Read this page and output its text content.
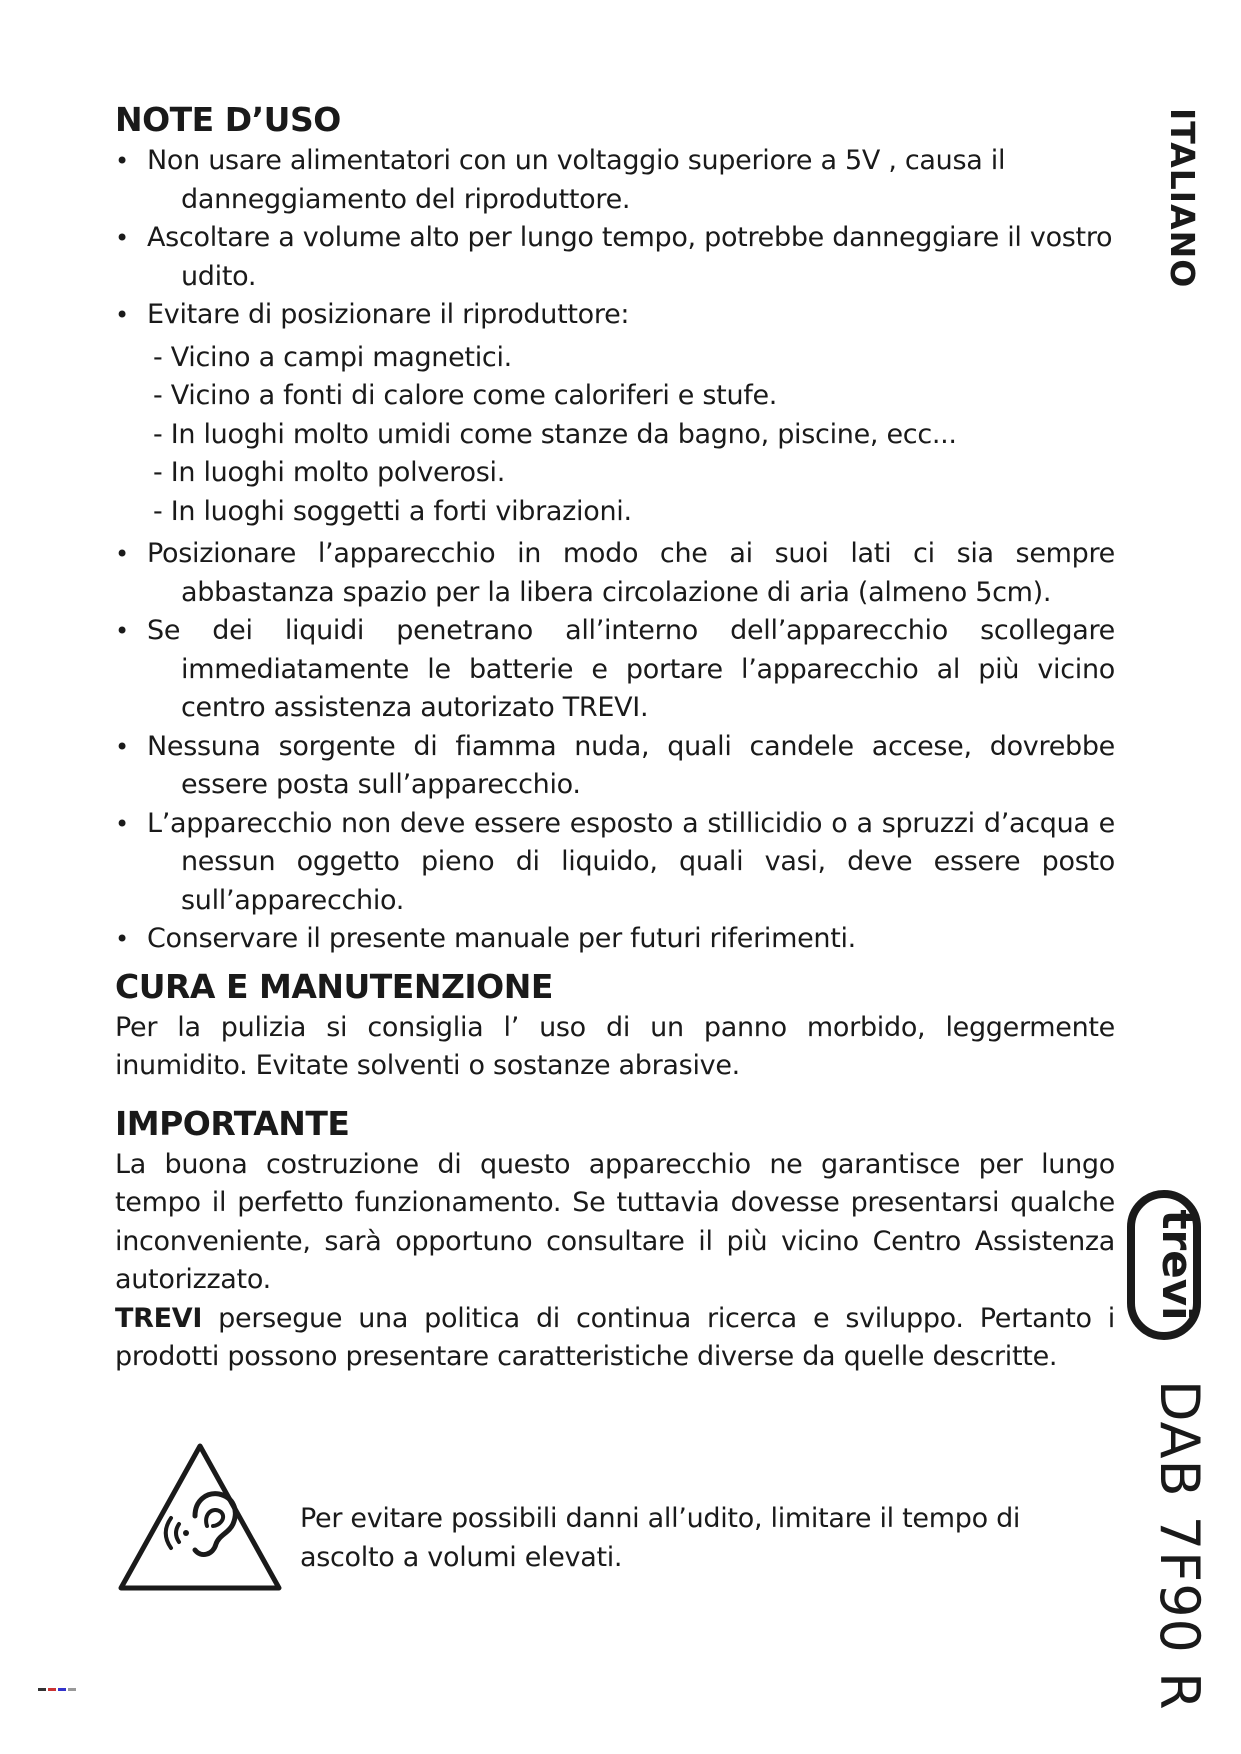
ITALIANO
trevi
DAB 7F90 R
NOTE D’USO
• Non usare alimentatori con un voltaggio superiore a 5V , causa il danneggiamento del riproduttore.
• Ascoltare a volume alto per lungo tempo, potrebbe danneggiare il vostro udito.
• Evitare di posizionare il riproduttore:
- Vicino a campi magnetici.
- Vicino a fonti di calore come caloriferi e stufe.
- In luoghi molto umidi come stanze da bagno, piscine, ecc...
- In luoghi molto polverosi.
- In luoghi soggetti a forti vibrazioni.
• Posizionare l’apparecchio in modo che ai suoi lati ci sia sempre abbastanza spazio per la libera circolazione di aria (almeno 5cm).
• Se dei liquidi penetrano all’interno dell’apparecchio scollegare immediatamente le batterie e portare l’apparecchio al più vicino centro assistenza autorizato TREVI.
• Nessuna sorgente di fiamma nuda, quali candele accese, dovrebbe essere posta sull’apparecchio.
• L’apparecchio non deve essere esposto a stillicidio o a spruzzi d’acqua e nessun oggetto pieno di liquido, quali vasi, deve essere posto sull’apparecchio.
• Conservare il presente manuale per futuri riferimenti.
CURA E MANUTENZIONE

Per la pulizia si consiglia l’ uso di un panno morbido, leggermente inumidito. Evitate solventi o sostanze abrasive.

IMPORTANTE

La buona costruzione di questo apparecchio ne garantisce per lungo tempo il perfetto funzionamento. Se tuttavia dovesse presentarsi qualche inconveniente, sarà opportuno consultare il più vicino Centro Assistenza autorizzato.

TREVI persegue una politica di continua ricerca e sviluppo. Pertanto i prodotti possono presentare caratteristiche diverse da quelle descritte.

Per evitare possibili danni all’udito, limitare il tempo di ascolto a volumi elevati.
